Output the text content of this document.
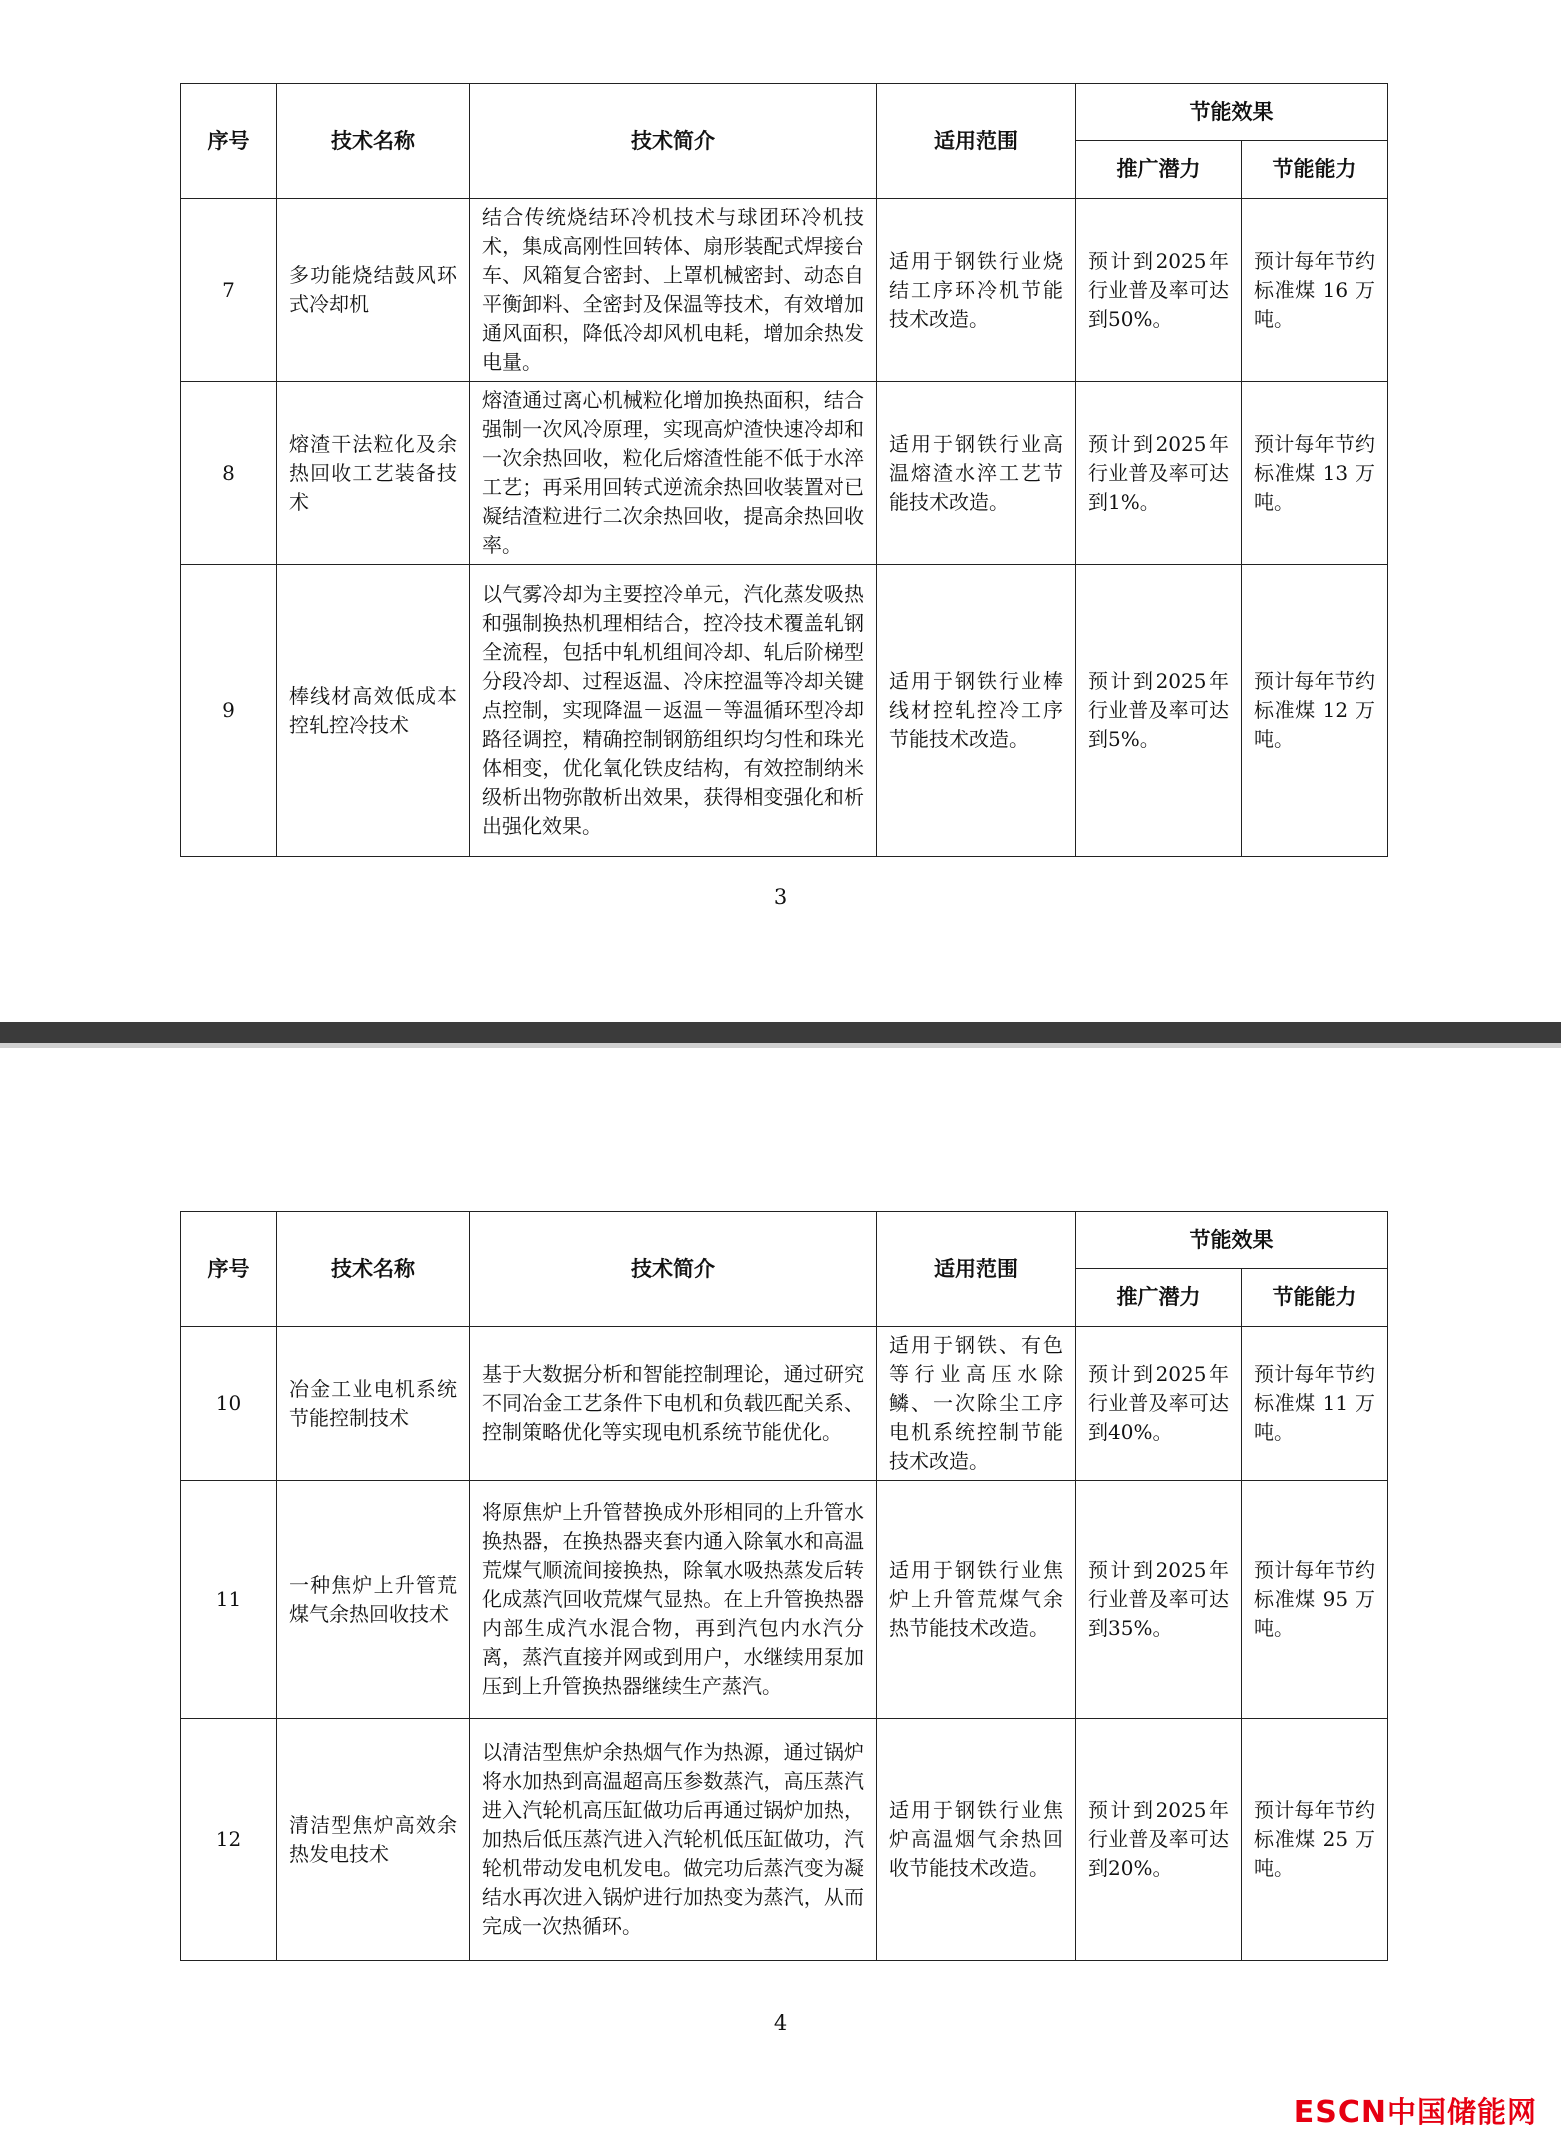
序号	技术名称	技术简介	适用范围	节能效果	
				推广潜力	节能能力
7	多功能烧结鼓风环式冷却机	结合传统烧结环冷机技术与球团环冷机技术，集成高刚性回转体、扇形装配式焊接台车、风箱复合密封、上罩机械密封、动态自平衡卸料、全密封及保温等技术，有效增加通风面积，降低冷却风机电耗，增加余热发电量。	适用于钢铁行业烧结工序环冷机节能技术改造。	预计到2025年行业普及率可达到50%。	预计每年节约标准煤 16 万吨。
8	熔渣干法粒化及余热回收工艺装备技术	熔渣通过离心机械粒化增加换热面积，结合强制一次风冷原理，实现高炉渣快速冷却和一次余热回收，粒化后熔渣性能不低于水淬工艺；再采用回转式逆流余热回收装置对已凝结渣粒进行二次余热回收，提高余热回收率。	适用于钢铁行业高温熔渣水淬工艺节能技术改造。	预计到2025年行业普及率可达到1%。	预计每年节约标准煤 13 万吨。
9	棒线材高效低成本控轧控冷技术	以气雾冷却为主要控冷单元，汽化蒸发吸热和强制换热机理相结合，控冷技术覆盖轧钢全流程，包括中轧机组间冷却、轧后阶梯型分段冷却、过程返温、冷床控温等冷却关键点控制，实现降温－返温－等温循环型冷却路径调控，精确控制钢筋组织均匀性和珠光体相变，优化氧化铁皮结构，有效控制纳米级析出物弥散析出效果，获得相变强化和析出强化效果。	适用于钢铁行业棒线材控轧控冷工序节能技术改造。	预计到2025年行业普及率可达到5%。	预计每年节约标准煤 12 万吨。
3
序号	技术名称	技术简介	适用范围	节能效果	
				推广潜力	节能能力
10	冶金工业电机系统节能控制技术	基于大数据分析和智能控制理论，通过研究不同冶金工艺条件下电机和负载匹配关系、控制策略优化等实现电机系统节能优化。	适用于钢铁、有色等行业高压水除鳞、一次除尘工序电机系统控制节能技术改造。	预计到2025年行业普及率可达到40%。	预计每年节约标准煤 11 万吨。
11	一种焦炉上升管荒煤气余热回收技术	将原焦炉上升管替换成外形相同的上升管水换热器，在换热器夹套内通入除氧水和高温荒煤气顺流间接换热，除氧水吸热蒸发后转化成蒸汽回收荒煤气显热。在上升管换热器内部生成汽水混合物，再到汽包内水汽分离，蒸汽直接并网或到用户，水继续用泵加压到上升管换热器继续生产蒸汽。	适用于钢铁行业焦炉上升管荒煤气余热节能技术改造。	预计到2025年行业普及率可达到35%。	预计每年节约标准煤 95 万吨。
12	清洁型焦炉高效余热发电技术	以清洁型焦炉余热烟气作为热源，通过锅炉将水加热到高温超高压参数蒸汽，高压蒸汽进入汽轮机高压缸做功后再通过锅炉加热，加热后低压蒸汽进入汽轮机低压缸做功，汽轮机带动发电机发电。做完功后蒸汽变为凝结水再次进入锅炉进行加热变为蒸汽，从而完成一次热循环。	适用于钢铁行业焦炉高温烟气余热回收节能技术改造。	预计到2025年行业普及率可达到20%。	预计每年节约标准煤 25 万吨。
4
ESCN中国储能网
